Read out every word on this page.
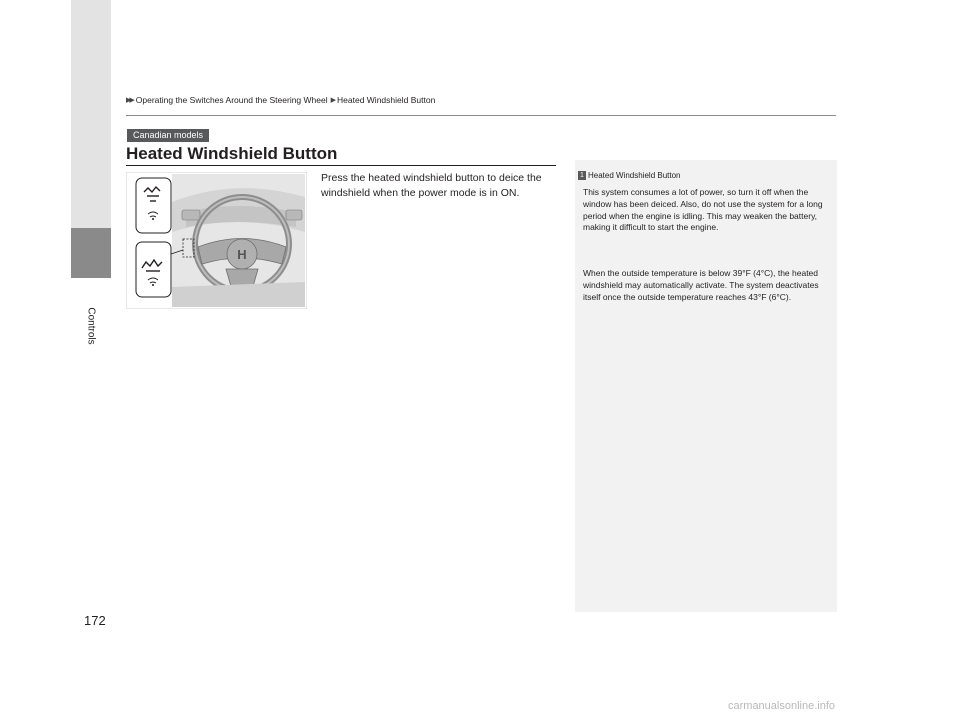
Controls
▶▶ Operating the Switches Around the Steering Wheel ▶ Heated Windshield Button
Canadian models
Heated Windshield Button
H
Press the heated windshield button to deice the windshield when the power mode is in ON.
1 Heated Windshield Button
This system consumes a lot of power, so turn it off when the window has been deiced. Also, do not use the system for a long period when the engine is idling. This may weaken the battery, making it difficult to start the engine.
When the outside temperature is below 39°F (4°C), the heated windshield may automatically activate. The system deactivates itself once the outside temperature reaches 43°F (6°C).
172
carmanualsonline.info
